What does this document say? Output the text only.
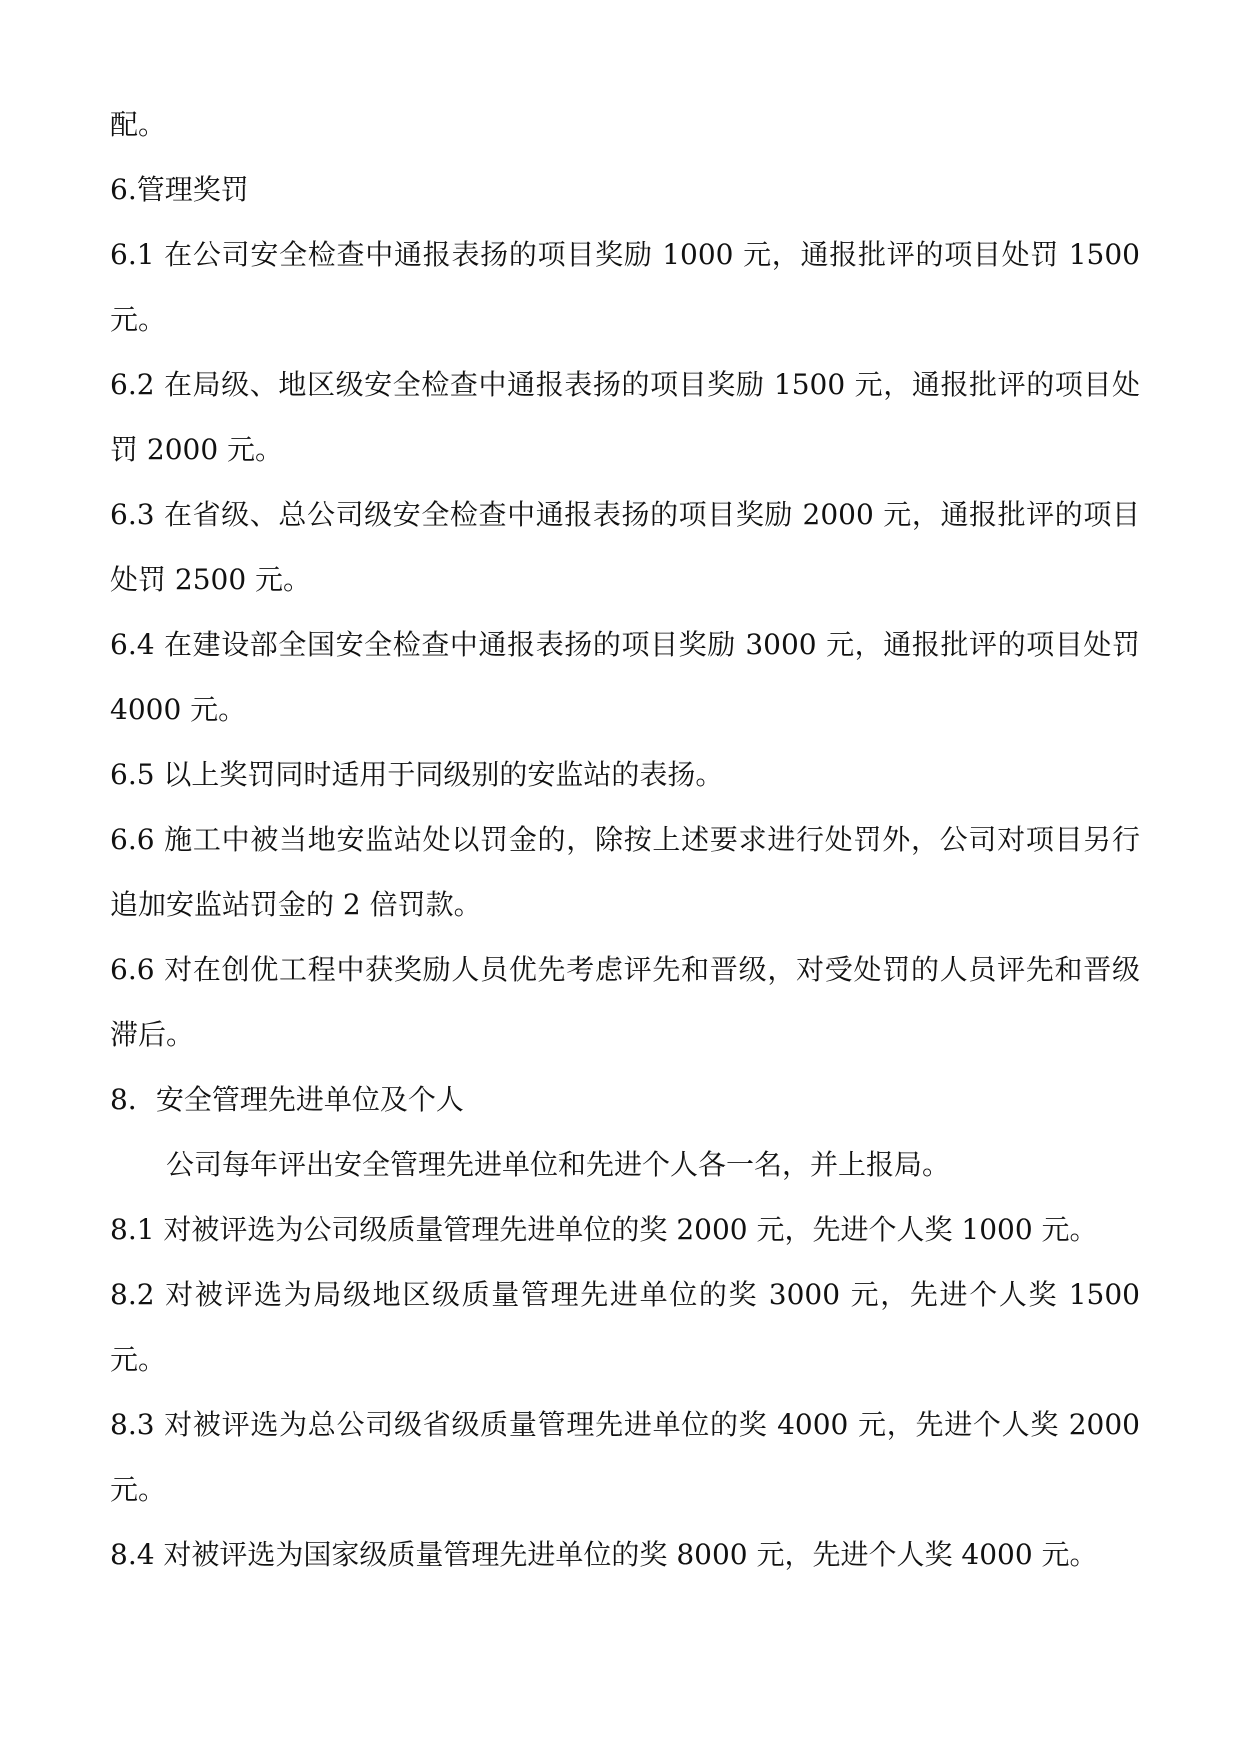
配。

6.管理奖罚

6.1 在公司安全检查中通报表扬的项目奖励 1000 元，通报批评的项目处罚 1500 元。

6.2 在局级、地区级安全检查中通报表扬的项目奖励 1500 元，通报批评的项目处罚 2000 元。

6.3 在省级、总公司级安全检查中通报表扬的项目奖励 2000 元，通报批评的项目处罚 2500 元。

6.4 在建设部全国安全检查中通报表扬的项目奖励 3000 元，通报批评的项目处罚 4000 元。

6.5 以上奖罚同时适用于同级别的安监站的表扬。

6.6 施工中被当地安监站处以罚金的，除按上述要求进行处罚外，公司对项目另行追加安监站罚金的 2 倍罚款。

6.6 对在创优工程中获奖励人员优先考虑评先和晋级，对受处罚的人员评先和晋级滞后。

8．安全管理先进单位及个人

公司每年评出安全管理先进单位和先进个人各一名，并上报局。

8.1 对被评选为公司级质量管理先进单位的奖 2000 元，先进个人奖 1000 元。

8.2 对被评选为局级地区级质量管理先进单位的奖 3000 元，先进个人奖 1500 元。

8.3 对被评选为总公司级省级质量管理先进单位的奖 4000 元，先进个人奖 2000 元。

8.4 对被评选为国家级质量管理先进单位的奖 8000 元，先进个人奖 4000 元。
